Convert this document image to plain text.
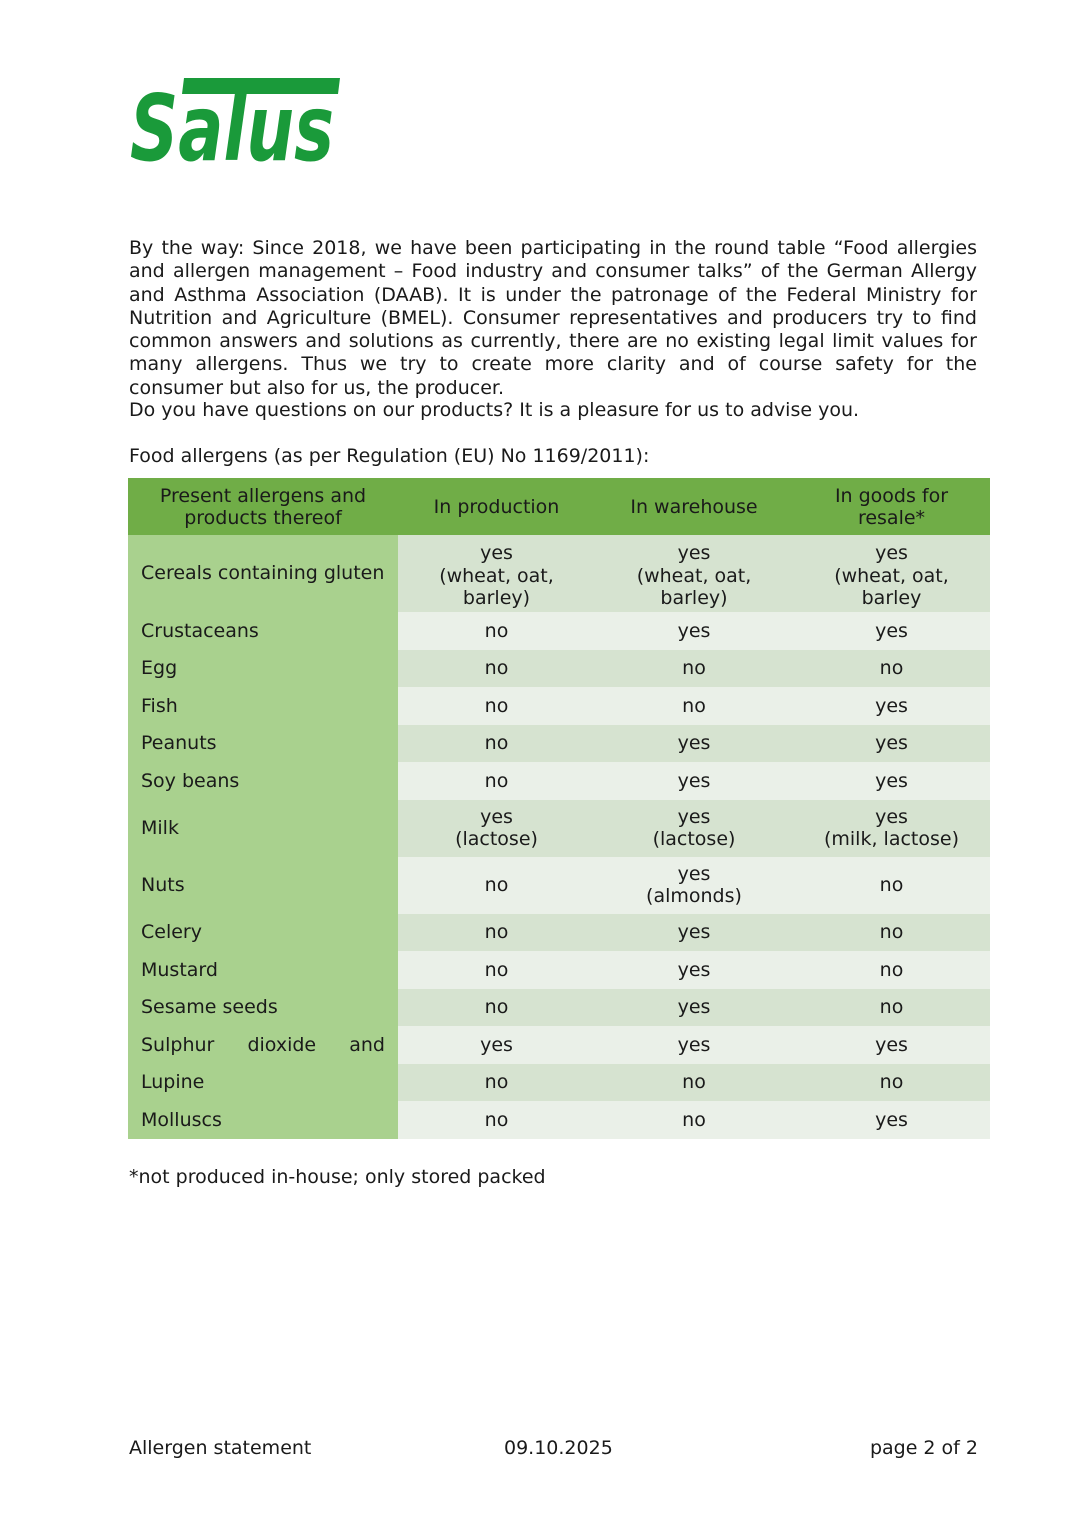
Salus

By the way: Since 2018, we have been participating in the round table “Food allergies and allergen management – Food industry and consumer talks” of the German Allergy and Asthma Association (DAAB). It is under the patronage of the Federal Ministry for Nutrition and Agriculture (BMEL). Consumer representatives and producers try to find common answers and solutions as currently, there are no existing legal limit values for many allergens. Thus we try to create more clarity and of course safety for the consumer but also for us, the producer.

Do you have questions on our products? It is a pleasure for us to advise you.

Food allergens (as per Regulation (EU) No 1169/2011):

Present allergens and
products thereof	In production	In warehouse	In goods for
resale*
Cereals containing gluten	yes
(wheat, oat,
barley)	yes
(wheat, oat,
barley)	yes
(wheat, oat,
barley

Crustaceans	no	yes	yes
Egg	no	no	no
Fish	no	no	yes
Peanuts	no	yes	yes
Soy beans	no	yes	yes
Milk	yes
(lactose)	yes
(lactose)	yes
(milk, lactose)
Nuts	no	yes
(almonds)	no
Celery	no	yes	no
Mustard	no	yes	no
Sesame seeds	no	yes	no

Sulphur dioxide and	yes	yes	yes
Lupine	no	no	no
Molluscs	no	no	yes

*not produced in-house; only stored packed

Allergen statement	09.10.2025	page 2 of 2
